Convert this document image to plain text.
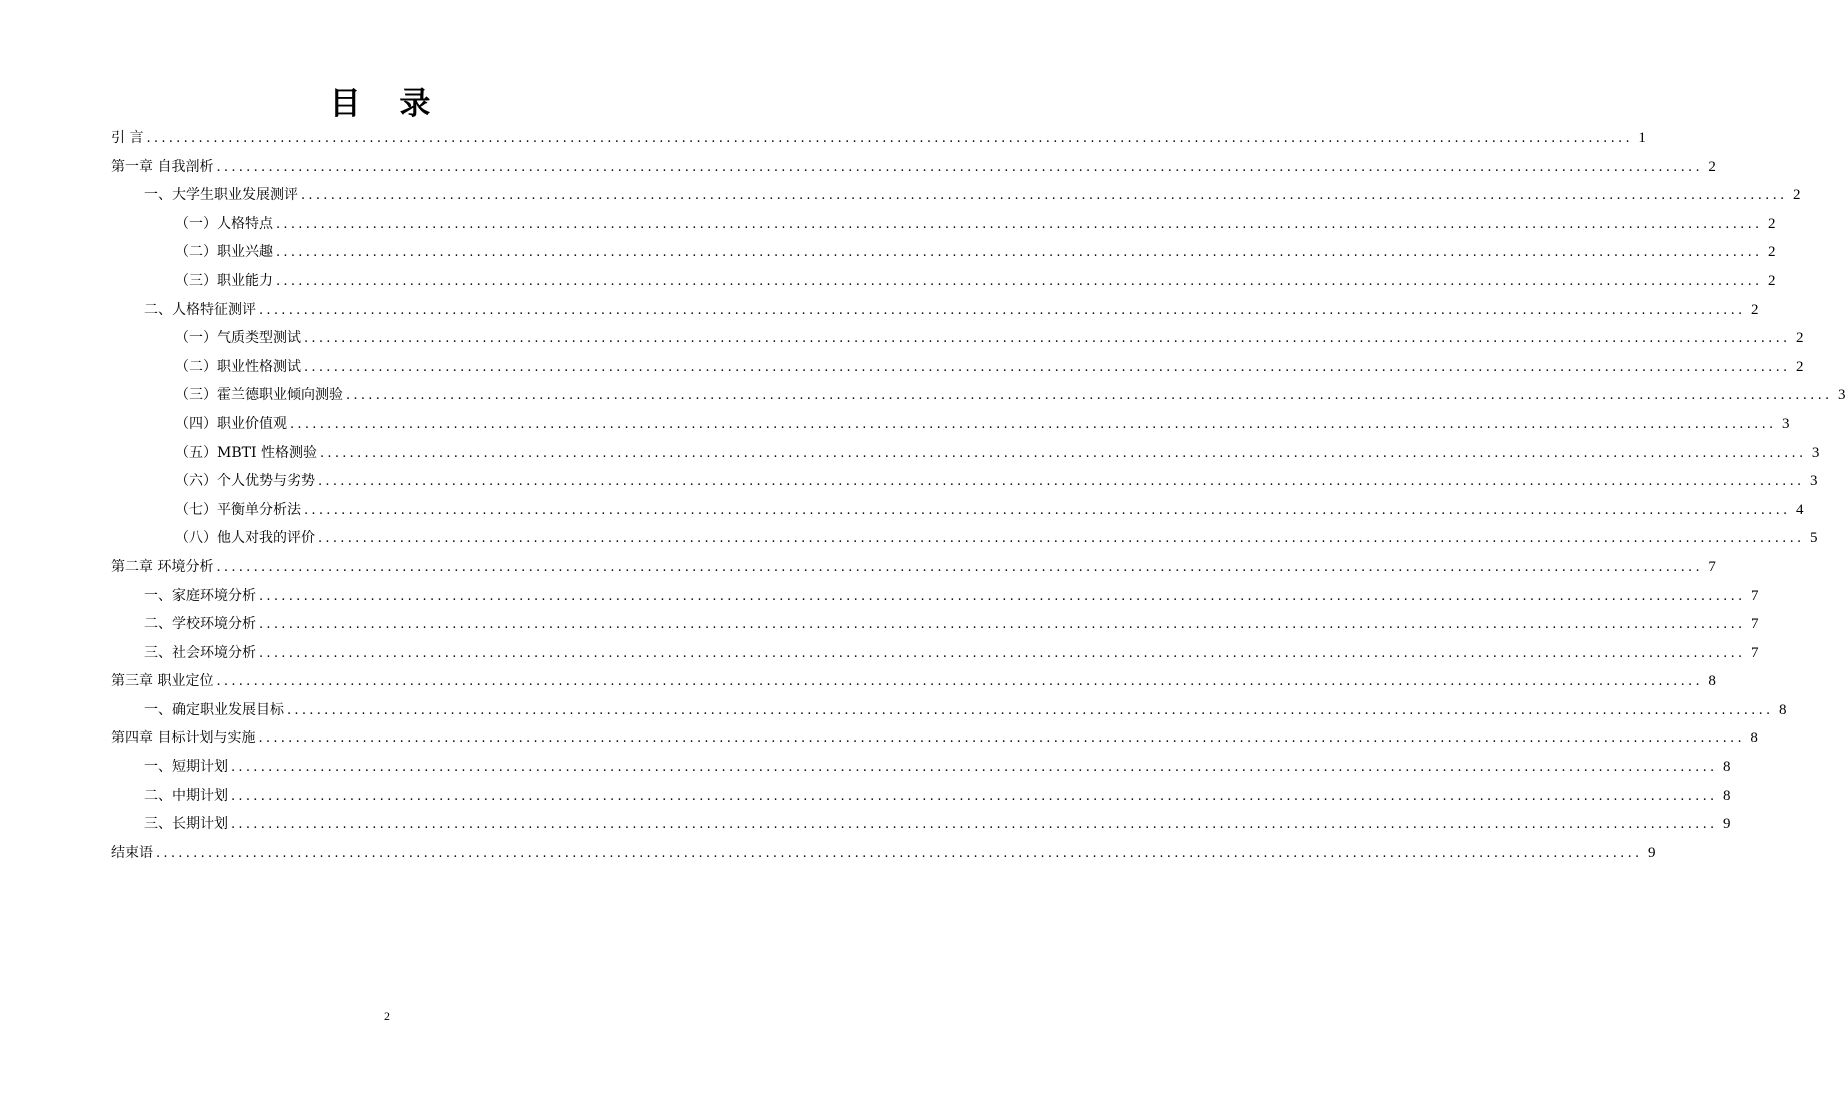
目 录
引 言 ........................................................................................................................................................................................................ 1
第一章 自我剖析 ........................................................................................................................................................................................................ 2
一、大学生职业发展测评 ........................................................................................................................................................................................................ 2
（一）人格特点 ........................................................................................................................................................................................................ 2
（二）职业兴趣 ........................................................................................................................................................................................................ 2
（三）职业能力 ........................................................................................................................................................................................................ 2
二、人格特征测评 ........................................................................................................................................................................................................ 2
（一）气质类型测试 ........................................................................................................................................................................................................ 2
（二）职业性格测试 ........................................................................................................................................................................................................ 2
（三）霍兰德职业倾向测验 ........................................................................................................................................................................................................ 3
（四）职业价值观 ........................................................................................................................................................................................................ 3
（五）MBTI 性格测验 ........................................................................................................................................................................................................ 3
（六）个人优势与劣势 ........................................................................................................................................................................................................ 3
（七）平衡单分析法 ........................................................................................................................................................................................................ 4
（八）他人对我的评价 ........................................................................................................................................................................................................ 5
第二章 环境分析 ........................................................................................................................................................................................................ 7
一、家庭环境分析 ........................................................................................................................................................................................................ 7
二、学校环境分析 ........................................................................................................................................................................................................ 7
三、社会环境分析 ........................................................................................................................................................................................................ 7
第三章 职业定位 ........................................................................................................................................................................................................ 8
一、确定职业发展目标 ........................................................................................................................................................................................................ 8
第四章 目标计划与实施 ........................................................................................................................................................................................................ 8
一、短期计划 ........................................................................................................................................................................................................ 8
二、中期计划 ........................................................................................................................................................................................................ 8
三、长期计划 ........................................................................................................................................................................................................ 9
结束语 ........................................................................................................................................................................................................ 9
2
